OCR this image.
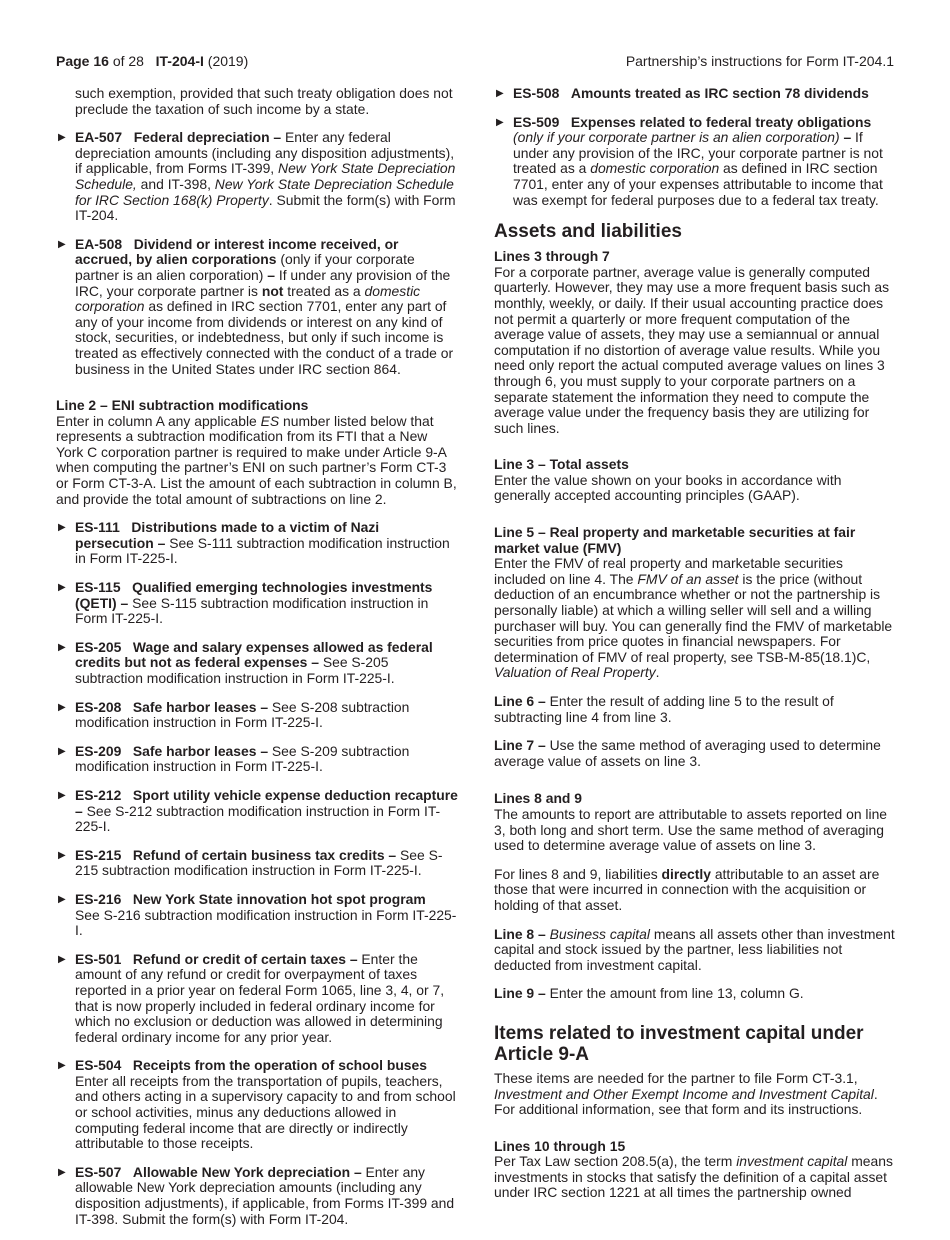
Page 16 of 28 IT-204-I (2019)	Partnership’s instructions for Form IT-204.1

such exemption, provided that such treaty obligation does not preclude the taxation of such income by a state.

▶ EA-507 Federal depreciation – Enter any federal depreciation amounts (including any disposition adjustments), if applicable, from Forms IT-399, New York State Depreciation Schedule, and IT-398, New York State Depreciation Schedule for IRC Section 168(k) Property. Submit the form(s) with Form IT-204.
▶ EA-508 Dividend or interest income received, or accrued, by alien corporations (only if your corporate partner is an alien corporation) – If under any provision of the IRC, your corporate partner is not treated as a domestic corporation as defined in IRC section 7701, enter any part of any of your income from dividends or interest on any kind of stock, securities, or indebtedness, but only if such income is treated as effectively connected with the conduct of a trade or business in the United States under IRC section 864.

Line 2 – ENI subtraction modifications

Enter in column A any applicable ES number listed below that represents a subtraction modification from its FTI that a New York C corporation partner is required to make under Article 9-A when computing the partner’s ENI on such partner’s Form CT-3 or Form CT-3-A. List the amount of each subtraction in column B, and provide the total amount of subtractions on line 2.

▶ ES-111 Distributions made to a victim of Nazi persecution – See S-111 subtraction modification instruction in Form IT-225-I.
▶ ES-115 Qualified emerging technologies investments (QETI) – See S-115 subtraction modification instruction in Form IT-225-I.
▶ ES-205 Wage and salary expenses allowed as federal credits but not as federal expenses – See S-205 subtraction modification instruction in Form IT-225-I.
▶ ES-208 Safe harbor leases – See S-208 subtraction modification instruction in Form IT-225-I.
▶ ES-209 Safe harbor leases – See S-209 subtraction modification instruction in Form IT-225-I.
▶ ES-212 Sport utility vehicle expense deduction recapture – See S-212 subtraction modification instruction in Form IT-225-I.
▶ ES-215 Refund of certain business tax credits – See S-215 subtraction modification instruction in Form IT-225-I.
▶ ES-216 New York State innovation hot spot program
See S-216 subtraction modification instruction in Form IT-225-I.
▶ ES-501 Refund or credit of certain taxes – Enter the amount of any refund or credit for overpayment of taxes reported in a prior year on federal Form 1065, line 3, 4, or 7, that is now properly included in federal ordinary income for which no exclusion or deduction was allowed in determining federal ordinary income for any prior year.
▶ ES-504 Receipts from the operation of school buses
Enter all receipts from the transportation of pupils, teachers, and others acting in a supervisory capacity to and from school or school activities, minus any deductions allowed in computing federal income that are directly or indirectly attributable to those receipts.
▶ ES-507 Allowable New York depreciation – Enter any allowable New York depreciation amounts (including any disposition adjustments), if applicable, from Forms IT-399 and IT-398. Submit the form(s) with Form IT-204.
▶ ES-508 Amounts treated as IRC section 78 dividends
▶ ES-509 Expenses related to federal treaty obligations
(only if your corporate partner is an alien corporation) – If under any provision of the IRC, your corporate partner is not treated as a domestic corporation as defined in IRC section 7701, enter any of your expenses attributable to income that was exempt for federal purposes due to a federal tax treaty.
Assets and liabilities

Lines 3 through 7

For a corporate partner, average value is generally computed quarterly. However, they may use a more frequent basis such as monthly, weekly, or daily. If their usual accounting practice does not permit a quarterly or more frequent computation of the average value of assets, they may use a semiannual or annual computation if no distortion of average value results. While you need only report the actual computed average values on lines 3 through 6, you must supply to your corporate partners on a separate statement the information they need to compute the average value under the frequency basis they are utilizing for such lines.

Line 3 – Total assets

Enter the value shown on your books in accordance with generally accepted accounting principles (GAAP).

Line 5 – Real property and marketable securities at fair market value (FMV)

Enter the FMV of real property and marketable securities included on line 4. The FMV of an asset is the price (without deduction of an encumbrance whether or not the partnership is personally liable) at which a willing seller will sell and a willing purchaser will buy. You can generally find the FMV of marketable securities from price quotes in financial newspapers. For determination of FMV of real property, see TSB-M-85(18.1)C, Valuation of Real Property.

Line 6 – Enter the result of adding line 5 to the result of subtracting line 4 from line 3.

Line 7 – Use the same method of averaging used to determine average value of assets on line 3.

Lines 8 and 9

The amounts to report are attributable to assets reported on line 3, both long and short term. Use the same method of averaging used to determine average value of assets on line 3.

For lines 8 and 9, liabilities directly attributable to an asset are those that were incurred in connection with the acquisition or holding of that asset.

Line 8 – Business capital means all assets other than investment capital and stock issued by the partner, less liabilities not deducted from investment capital.

Line 9 – Enter the amount from line 13, column G.

Items related to investment capital under Article 9-A

These items are needed for the partner to file Form CT-3.1, Investment and Other Exempt Income and Investment Capital. For additional information, see that form and its instructions.

Lines 10 through 15

Per Tax Law section 208.5(a), the term investment capital means investments in stocks that satisfy the definition of a capital asset under IRC section 1221 at all times the partnership owned
